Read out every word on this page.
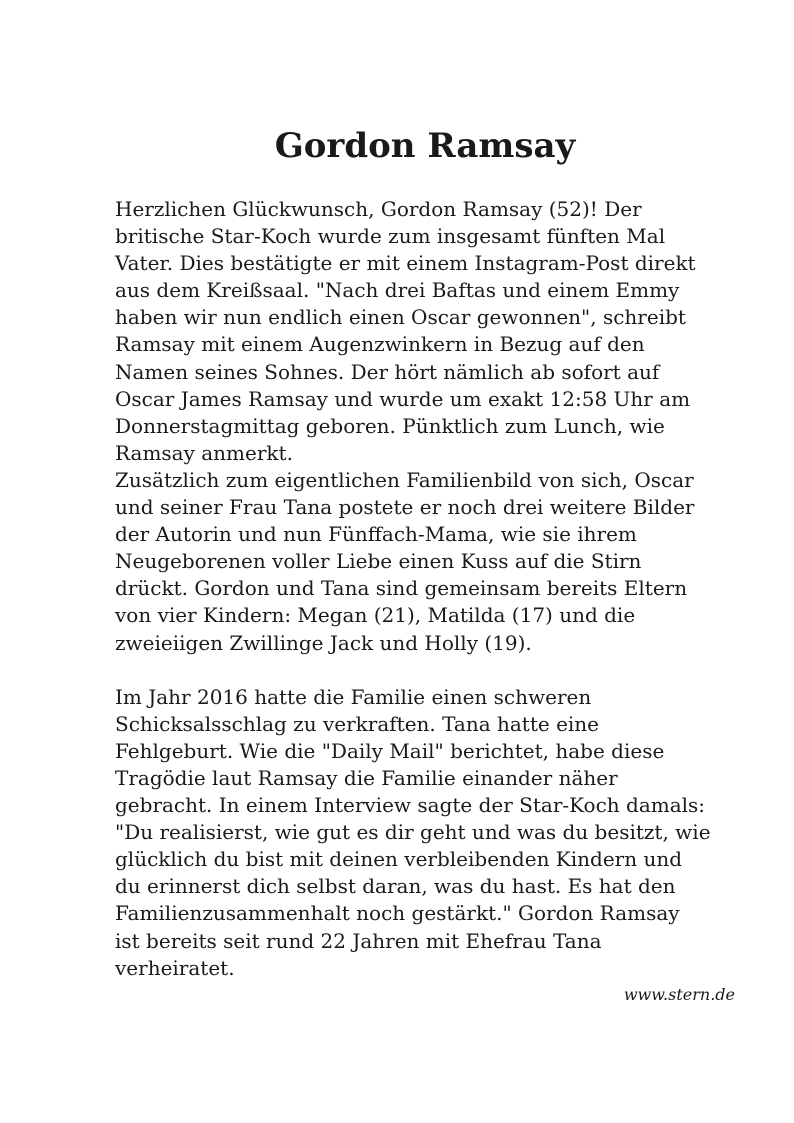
Gordon Ramsay
Herzlichen Glückwunsch, Gordon Ramsay (52)! Der
britische Star-Koch wurde zum insgesamt fünften Mal
Vater. Dies bestätigte er mit einem Instagram-Post direkt
aus dem Kreißsaal. "Nach drei Baftas und einem Emmy
haben wir nun endlich einen Oscar gewonnen", schreibt
Ramsay mit einem Augenzwinkern in Bezug auf den
Namen seines Sohnes. Der hört nämlich ab sofort auf
Oscar James Ramsay und wurde um exakt 12:58 Uhr am
Donnerstagmittag geboren. Pünktlich zum Lunch, wie
Ramsay anmerkt.
Zusätzlich zum eigentlichen Familienbild von sich, Oscar
und seiner Frau Tana postete er noch drei weitere Bilder
der Autorin und nun Fünffach-Mama, wie sie ihrem
Neugeborenen voller Liebe einen Kuss auf die Stirn
drückt. Gordon und Tana sind gemeinsam bereits Eltern
von vier Kindern: Megan (21), Matilda (17) und die
zweieiigen Zwillinge Jack und Holly (19).
Im Jahr 2016 hatte die Familie einen schweren
Schicksalsschlag zu verkraften. Tana hatte eine
Fehlgeburt. Wie die "Daily Mail" berichtet, habe diese
Tragödie laut Ramsay die Familie einander näher
gebracht. In einem Interview sagte der Star-Koch damals:
"Du realisierst, wie gut es dir geht und was du besitzt, wie
glücklich du bist mit deinen verbleibenden Kindern und
du erinnerst dich selbst daran, was du hast. Es hat den
Familienzusammenhalt noch gestärkt." Gordon Ramsay
ist bereits seit rund 22 Jahren mit Ehefrau Tana
verheiratet.
www.stern.de
